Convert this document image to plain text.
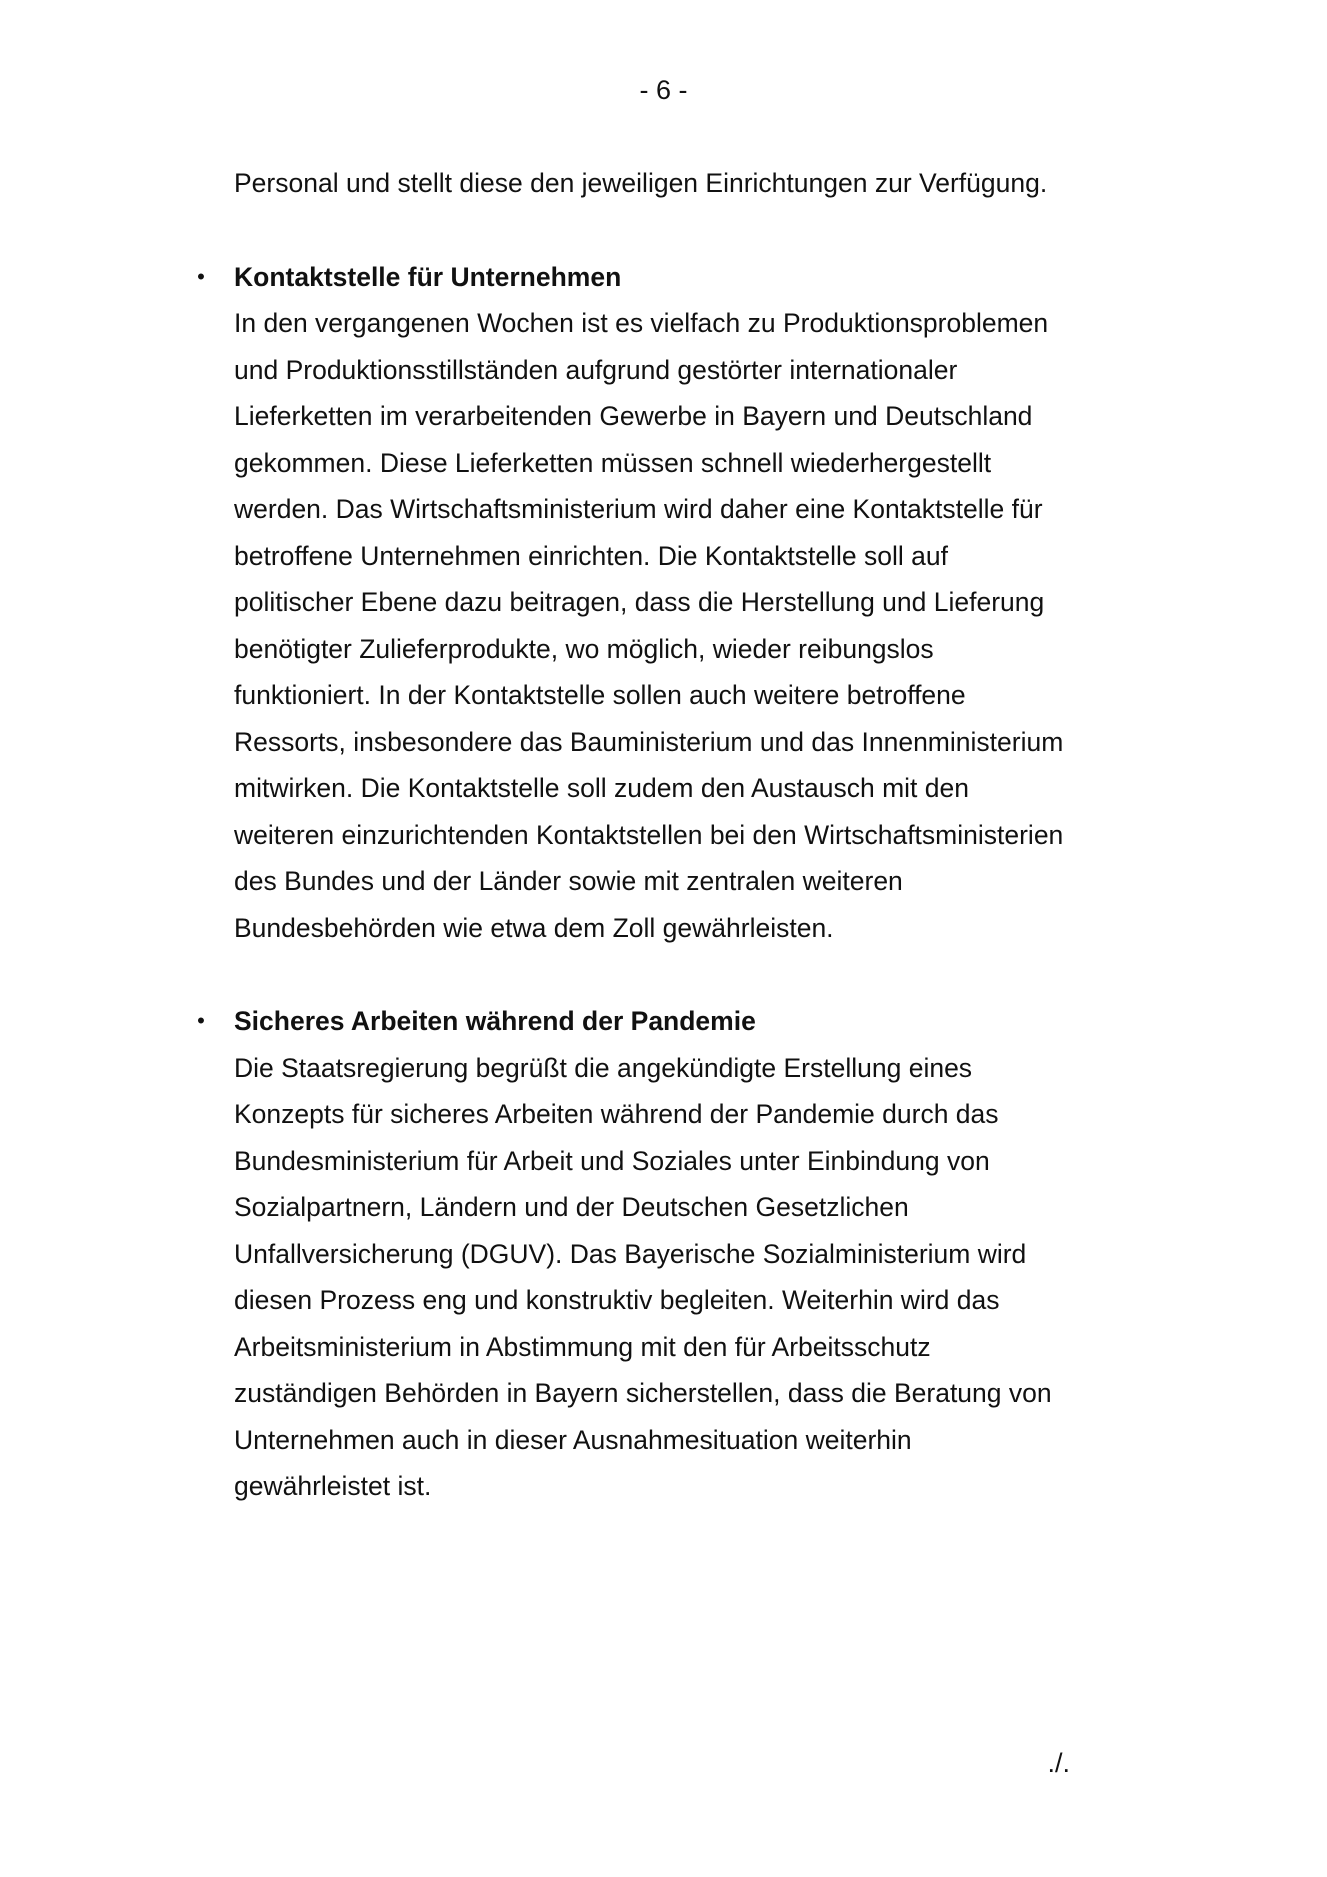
- 6 -

Personal und stellt diese den jeweiligen Einrichtungen zur Verfügung.

• Kontaktstelle für Unternehmen

In den vergangenen Wochen ist es vielfach zu Produktionsproblemen und Produktionsstillständen aufgrund gestörter internationaler Lieferketten im verarbeitenden Gewerbe in Bayern und Deutschland gekommen. Diese Lieferketten müssen schnell wiederhergestellt werden. Das Wirtschaftsministerium wird daher eine Kontaktstelle für betroffene Unternehmen einrichten. Die Kontaktstelle soll auf politischer Ebene dazu beitragen, dass die Herstellung und Lieferung benötigter Zulieferprodukte, wo möglich, wieder reibungslos funktioniert. In der Kontaktstelle sollen auch weitere betroffene Ressorts, insbesondere das Bauministerium und das Innenministerium mitwirken. Die Kontaktstelle soll zudem den Austausch mit den weiteren einzurichtenden Kontaktstellen bei den Wirtschaftsministerien des Bundes und der Länder sowie mit zentralen weiteren Bundesbehörden wie etwa dem Zoll gewährleisten.

• Sicheres Arbeiten während der Pandemie

Die Staatsregierung begrüßt die angekündigte Erstellung eines Konzepts für sicheres Arbeiten während der Pandemie durch das Bundesministerium für Arbeit und Soziales unter Einbindung von Sozialpartnern, Ländern und der Deutschen Gesetzlichen Unfallversicherung (DGUV). Das Bayerische Sozialministerium wird diesen Prozess eng und konstruktiv begleiten. Weiterhin wird das Arbeitsministerium in Abstimmung mit den für Arbeitsschutz zuständigen Behörden in Bayern sicherstellen, dass die Beratung von Unternehmen auch in dieser Ausnahmesituation weiterhin gewährleistet ist.

./.
